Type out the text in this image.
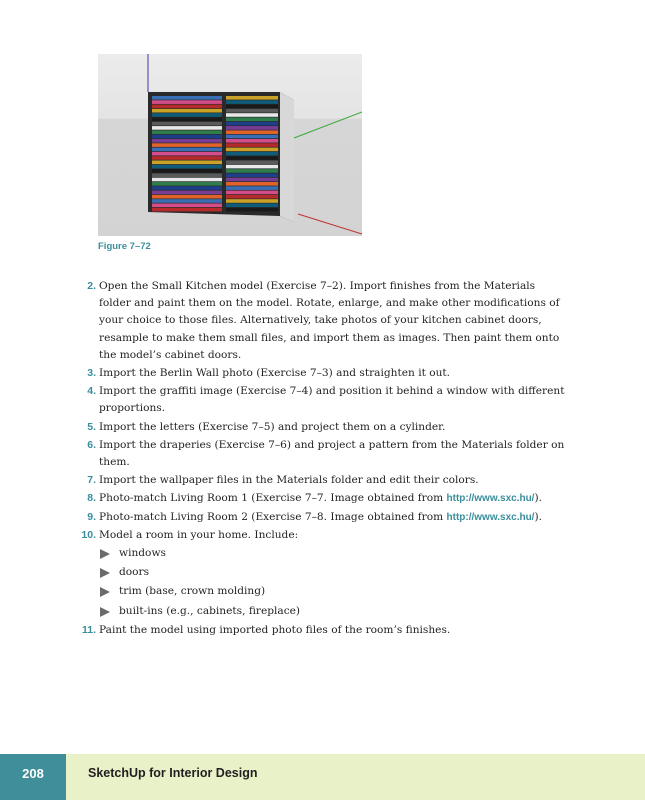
Figure 7–72
2. Open the Small Kitchen model (Exercise 7–2). Import finishes from the Materials folder and paint them on the model. Rotate, enlarge, and make other modifications of your choice to those files. Alternatively, take photos of your kitchen cabinet doors, resample to make them small files, and import them as images. Then paint them onto the model’s cabinet doors.
3. Import the Berlin Wall photo (Exercise 7–3) and straighten it out.
4. Import the graffiti image (Exercise 7–4) and position it behind a window with different proportions.
5. Import the letters (Exercise 7–5) and project them on a cylinder.
6. Import the draperies (Exercise 7–6) and project a pattern from the Materials folder on them.
7. Import the wallpaper files in the Materials folder and edit their colors.
8. Photo-match Living Room 1 (Exercise 7–7. Image obtained from http://www.sxc.hu/).
9. Photo-match Living Room 2 (Exercise 7–8. Image obtained from http://www.sxc.hu/).
10. Model a room in your home. Include:
windows
doors
trim (base, crown molding)
built-ins (e.g., cabinets, fireplace)
11. Paint the model using imported photo files of the room’s finishes.
208	SketchUp for Interior Design
